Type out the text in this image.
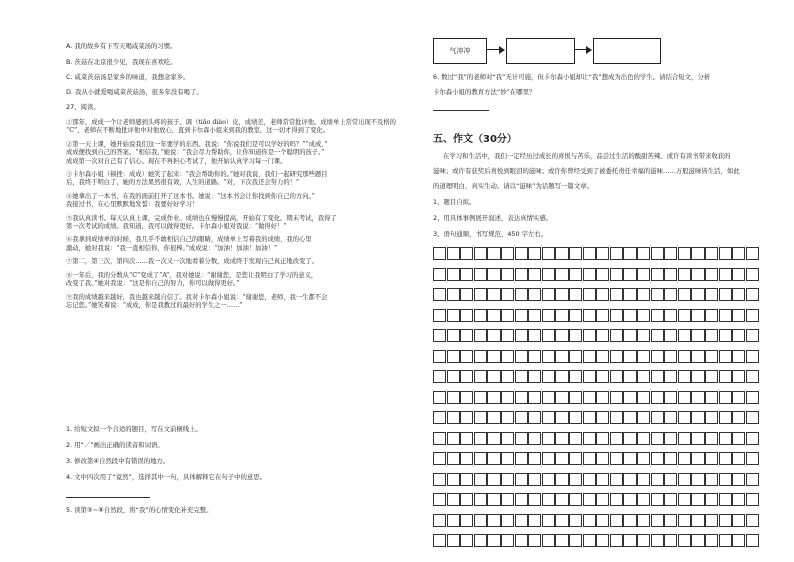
A. 我的故乡有下雪天喝咸菜汤的习惯。
B. 茨菇在北京很少见，我现在喜欢吃。
C. 咸菜茨菇汤是家乡的味道，我想念家乡。
D. 我从小就爱喝咸菜茨菇汤，很多年没有喝了。
27、阅读。
①那年，成成一个让老师感到头疼的孩子。调（tiǎo diào）皮，成绩差，老师常常批评他。成绩单上常常出现不及格的
“C”，老师在不断地批评他中对他放心，直到卡尔森小姐来到我的教室，这一切才得到了变化。
②第一天上课，她开始说我们这一年要学的东西。我说：“你说我们是可以学好的吗？”“成成，”
成成便找到自己的答案。“相信我，”她说：“我会尽力帮助你，让你知道你是一个聪明的孩子。”
成成第一次对自己有了信心。现在不再担心考试了，他开始认真学习每一门课。
③卡尔森小姐（顿挫：成成）她笑了起来：“我会帮助你的。”她对我说，我们一起研究那些题目
后，我终于明白了，她的方法果然很有效，人生的道路。“对，下次我还会努力的！”
④她拿出了一本书，在我的面前打开了这本书。她说：“这本书会让你找到你自己的方向。”
我接过书，在心里默默地发誓：我要好好学习！
⑤我认真读书。每天认真上课，完成作业。成绩也在慢慢提高，开始有了变化。期末考试，我得了
第一次考试的成绩。我知道，我可以做得更好。卡尔森小姐对我说：“做得好！”
⑥我拿到成绩单的时候，我几乎不敢相信自己的眼睛，成绩单上写着我的成绩，我的心里
激动，她对我说：“我一直相信你，你很棒。”成成说：“加油！加油！加油！”
⑦第二，第三次，第四次……我一次又一次地看着分数，成成终于发现自己真正地改变了。
⑧一年后，我的分数从“C”变成了“A”，我对她说：“谢谢您，是您让我明白了学习的意义，
改变了我。”她对我说：“这是你自己的努力，你可以做得更好。”
⑨我的成绩越来越好，我也越来越自信了。我对卡尔森小姐说：“谢谢您，老师，我一生都不会
忘记您。”她笑着说：“成成，你是我教过的最好的学生之一……”
1. 给短文拟一个合适的题目，写在文前横线上。
2. 用“／”画出正确的读音和词语。
3. 修改第④自然段中有错误的地方。
4. 文中四次用了“竟然”，选择其中一句，具体解释它在句子中的意思。
5. 读第⑤~⑧自然段，将“我”的心情变化补充完整。
气冲冲
6. 数过“我”的老师对“我”无计可施，但卡尔森小姐却让“我”想成为出色的学生。请结合短文，分析
卡尔森小姐的教育方法“妙”在哪里？
五、作文（30分）
在学习和生活中，我们一定经历过成长的喜悦与苦乐，品尝过生活的酸甜苦辣。或许有读书带来收获的
滋味；或许有获奖后喜悦到眼泪的滋味；或许你曾经受到了被委托责任幸福的滋味……万般滋味皆生活，如此
的道理明白，真实生动。请以“滋味”为话题写一篇文章。
1、题目自拟。
2、用具体事例展开叙述，表达真情实感。
3、语句通顺，书写规范，450 字左右。
